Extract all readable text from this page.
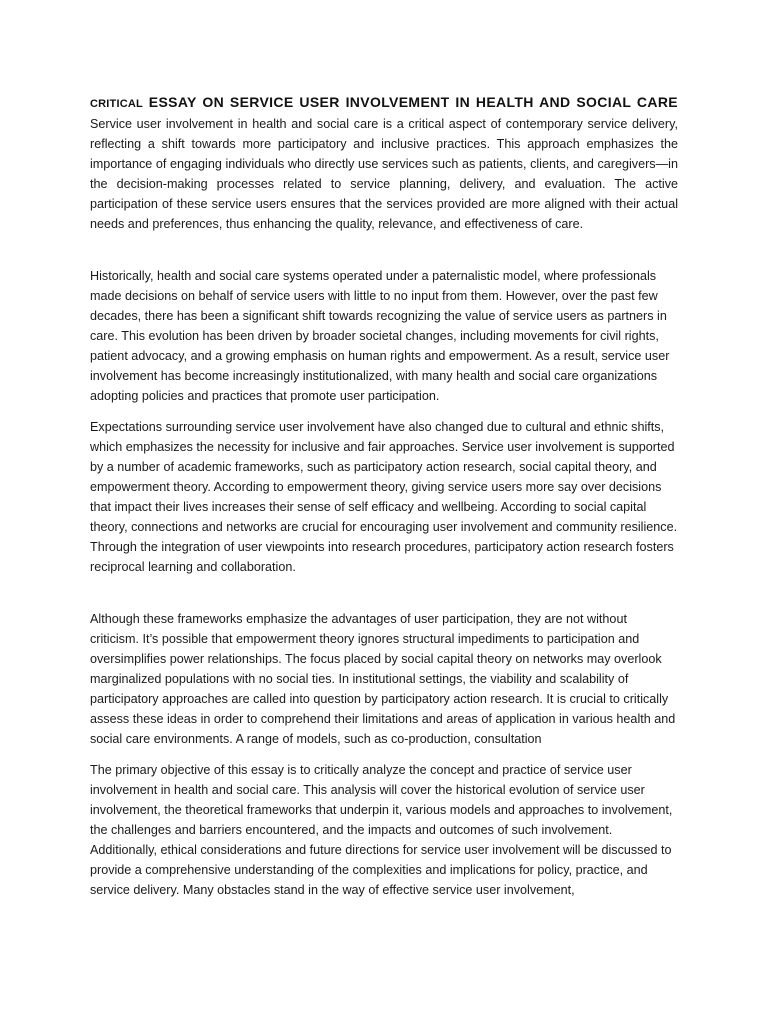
CRITICAL ESSAY ON SERVICE USER INVOLVEMENT IN HEALTH AND SOCIAL CARE

Service user involvement in health and social care is a critical aspect of contemporary service delivery, reflecting a shift towards more participatory and inclusive practices. This approach emphasizes the importance of engaging individuals who directly use services such as patients, clients, and caregivers—in the decision-making processes related to service planning, delivery, and evaluation. The active participation of these service users ensures that the services provided are more aligned with their actual needs and preferences, thus enhancing the quality, relevance, and effectiveness of care.

Historically, health and social care systems operated under a paternalistic model, where professionals made decisions on behalf of service users with little to no input from them. However, over the past few decades, there has been a significant shift towards recognizing the value of service users as partners in care. This evolution has been driven by broader societal changes, including movements for civil rights, patient advocacy, and a growing emphasis on human rights and empowerment. As a result, service user involvement has become increasingly institutionalized, with many health and social care organizations adopting policies and practices that promote user participation.

Expectations surrounding service user involvement have also changed due to cultural and ethnic shifts, which emphasizes the necessity for inclusive and fair approaches. Service user involvement is supported by a number of academic frameworks, such as participatory action research, social capital theory, and empowerment theory. According to empowerment theory, giving service users more say over decisions that impact their lives increases their sense of self efficacy and wellbeing. According to social capital theory, connections and networks are crucial for encouraging user involvement and community resilience. Through the integration of user viewpoints into research procedures, participatory action research fosters reciprocal learning and collaboration.

Although these frameworks emphasize the advantages of user participation, they are not without criticism. It’s possible that empowerment theory ignores structural impediments to participation and oversimplifies power relationships. The focus placed by social capital theory on networks may overlook marginalized populations with no social ties. In institutional settings, the viability and scalability of participatory approaches are called into question by participatory action research. It is crucial to critically assess these ideas in order to comprehend their limitations and areas of application in various health and social care environments. A range of models, such as co-production, consultation

The primary objective of this essay is to critically analyze the concept and practice of service user involvement in health and social care. This analysis will cover the historical evolution of service user involvement, the theoretical frameworks that underpin it, various models and approaches to involvement, the challenges and barriers encountered, and the impacts and outcomes of such involvement. Additionally, ethical considerations and future directions for service user involvement will be discussed to provide a comprehensive understanding of the complexities and implications for policy, practice, and service delivery. Many obstacles stand in the way of effective service user involvement,
